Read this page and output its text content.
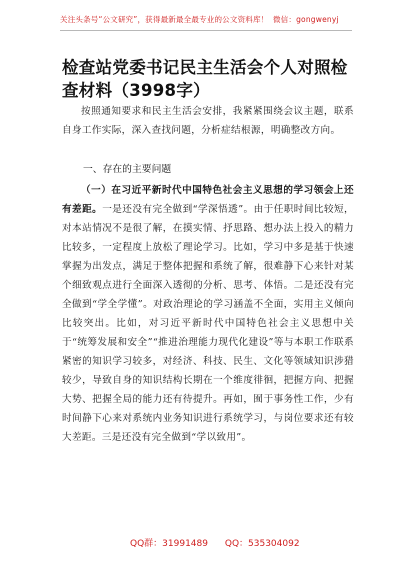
关注头条号“公文研究”，获得最新最全最专业的公文资料库！ 微信：gongwenyj
检查站党委书记民主生活会个人对照检查材料（3998字）
按照通知要求和民主生活会安排，我紧紧围绕会议主题，联系自身工作实际，深入查找问题，分析症结根源，明确整改方向。
一、存在的主要问题
（一）在习近平新时代中国特色社会主义思想的学习领会上还有差距。一是还没有完全做到“学深悟透”。由于任职时间比较短，对本站情况不是很了解，在摸实情、抒思路、想办法上投入的精力比较多，一定程度上放松了理论学习。比如，学习中多是基于快速掌握为出发点，满足于整体把握和系统了解，很难静下心来针对某个细致观点进行全面深入透彻的分析、思考、体悟。二是还没有完全做到“学全学懂”。对政治理论的学习涵盖不全面，实用主义倾向比较突出。比如，对习近平新时代中国特色社会主义思想中关于“统筹发展和安全”“推进治理能力现代化建设”等与本职工作联系紧密的知识学习较多，对经济、科技、民生、文化等领域知识涉猎较少，导致自身的知识结构长期在一个维度徘徊，把握方向、把握大势、把握全局的能力还有待提升。再如，囿于事务性工作，少有时间静下心来对系统内业务知识进行系统学习，与岗位要求还有较大差距。三是还没有完全做到“学以致用”。
QQ群：31991489 QQ：535304092
